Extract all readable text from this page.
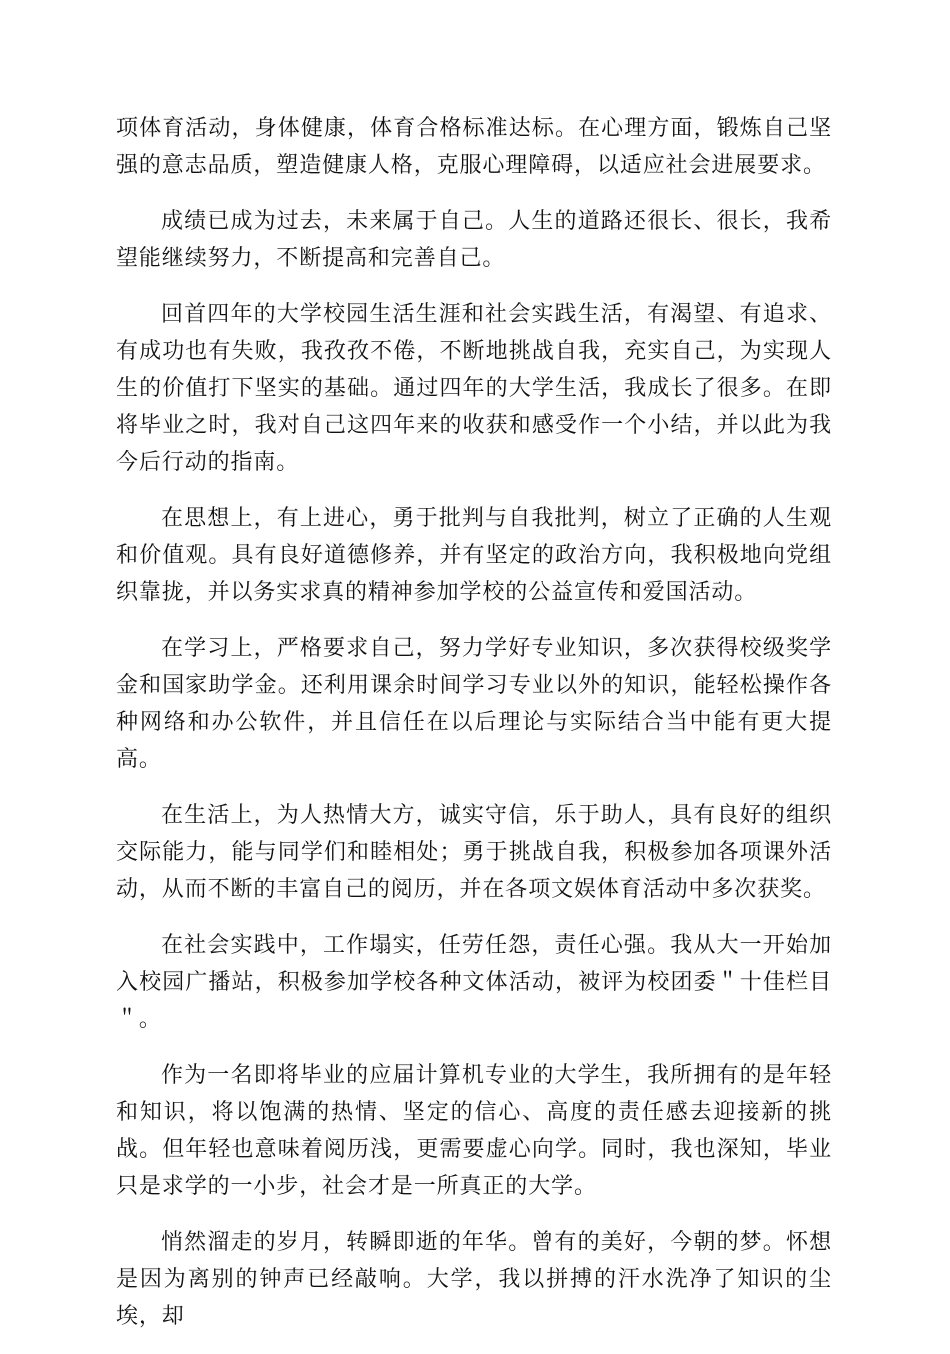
项体育活动，身体健康，体育合格标准达标。在心理方面，锻炼自己坚强的意志品质，塑造健康人格，克服心理障碍，以适应社会进展要求。

成绩已成为过去，未来属于自己。人生的道路还很长、很长，我希望能继续努力，不断提高和完善自己。

回首四年的大学校园生活生涯和社会实践生活，有渴望、有追求、有成功也有失败，我孜孜不倦，不断地挑战自我，充实自己，为实现人生的价值打下坚实的基础。通过四年的大学生活，我成长了很多。在即将毕业之时，我对自己这四年来的收获和感受作一个小结，并以此为我今后行动的指南。

在思想上，有上进心，勇于批判与自我批判，树立了正确的人生观和价值观。具有良好道德修养，并有坚定的政治方向，我积极地向党组织靠拢，并以务实求真的精神参加学校的公益宣传和爱国活动。

在学习上，严格要求自己，努力学好专业知识，多次获得校级奖学金和国家助学金。还利用课余时间学习专业以外的知识，能轻松操作各种网络和办公软件，并且信任在以后理论与实际结合当中能有更大提高。

在生活上，为人热情大方，诚实守信，乐于助人，具有良好的组织交际能力，能与同学们和睦相处；勇于挑战自我，积极参加各项课外活动，从而不断的丰富自己的阅历，并在各项文娱体育活动中多次获奖。

在社会实践中，工作塌实，任劳任怨，责任心强。我从大一开始加入校园广播站，积极参加学校各种文体活动，被评为校团委＂十佳栏目＂。

作为一名即将毕业的应届计算机专业的大学生，我所拥有的是年轻和知识，将以饱满的热情、坚定的信心、高度的责任感去迎接新的挑战。但年轻也意味着阅历浅，更需要虚心向学。同时，我也深知，毕业只是求学的一小步，社会才是一所真正的大学。

悄然溜走的岁月，转瞬即逝的年华。曾有的美好，今朝的梦。怀想是因为离别的钟声已经敲响。大学，我以拼搏的汗水洗净了知识的尘埃，却
